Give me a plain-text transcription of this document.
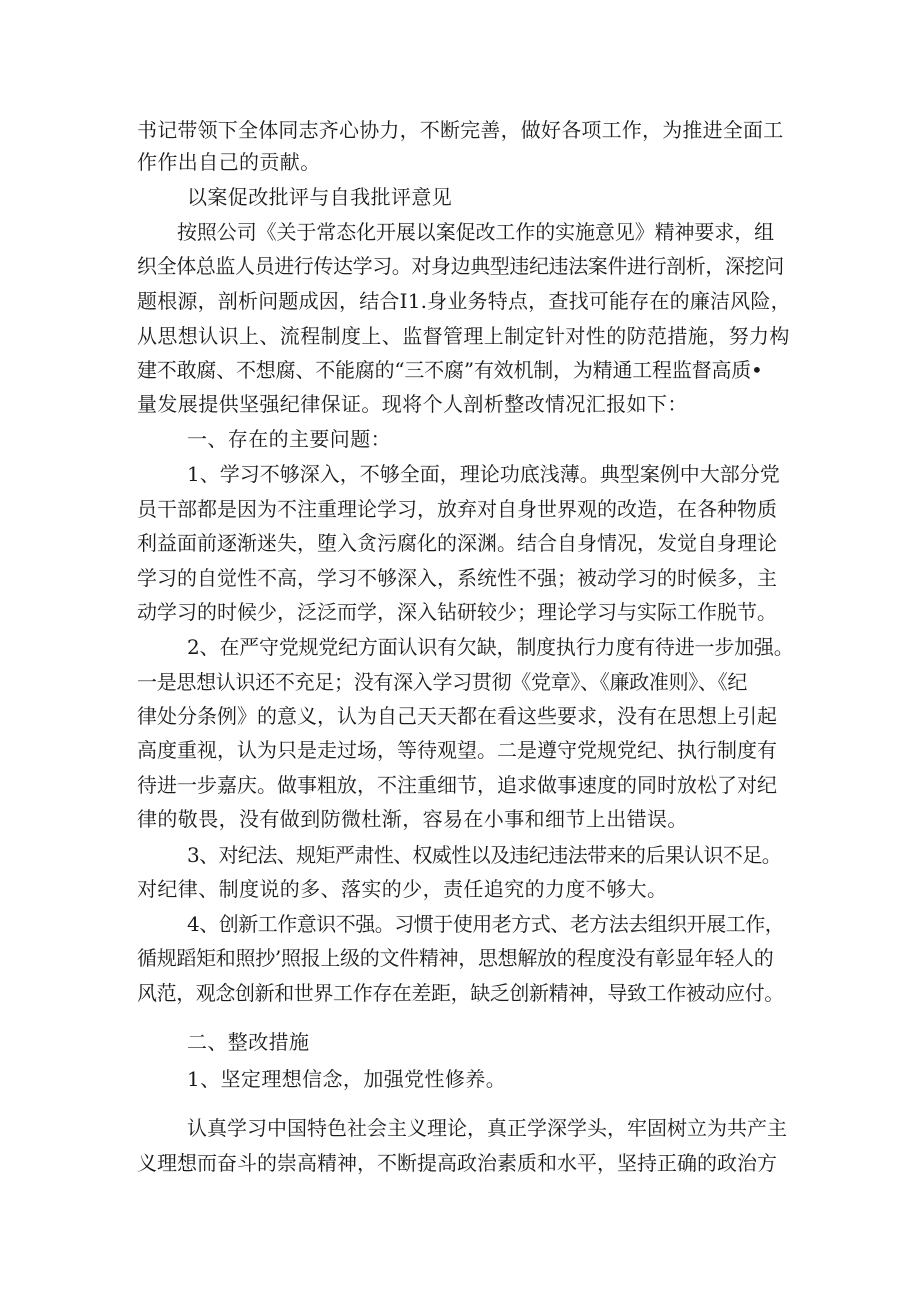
书记带领下全体同志齐心协力，不断完善，做好各项工作，为推进全面工
作作出自己的贡献。
以案促改批评与自我批评意见
按照公司《关于常态化开展以案促改工作的实施意见》精神要求，组
织全体总监人员进行传达学习。对身边典型违纪违法案件进行剖析，深挖问
题根源，剖析问题成因，结合I1.身业务特点，查找可能存在的廉洁风险，
从思想认识上、流程制度上、监督管理上制定针对性的防范措施，努力构
建不敢腐、不想腐、不能腐的“三不腐”有效机制，为精通工程监督高质•
量发展提供坚强纪律保证。现将个人剖析整改情况汇报如下：
一、存在的主要问题：
1、学习不够深入，不够全面，理论功底浅薄。典型案例中大部分党
员干部都是因为不注重理论学习，放弃对自身世界观的改造，在各种物质
利益面前逐渐迷失，堕入贪污腐化的深渊。结合自身情况，发觉自身理论
学习的自觉性不高，学习不够深入，系统性不强；被动学习的时候多，主
动学习的时候少，泛泛而学，深入钻研较少；理论学习与实际工作脱节。
2、在严守党规党纪方面认识有欠缺，制度执行力度有待进一步加强。
一是思想认识还不充足；没有深入学习贯彻《党章》、《廉政准则》、《纪
律处分条例》的意义，认为自己天天都在看这些要求，没有在思想上引起
高度重视，认为只是走过场，等待观望。二是遵守党规党纪、执行制度有
待进一步嘉庆。做事粗放，不注重细节，追求做事速度的同时放松了对纪
律的敬畏，没有做到防微杜渐，容易在小事和细节上出错误。
3、对纪法、规矩严肃性、权威性以及违纪违法带来的后果认识不足。
对纪律、制度说的多、落实的少，责任追究的力度不够大。
4、创新工作意识不强。习惯于使用老方式、老方法去组织开展工作，
循规蹈矩和照抄’照报上级的文件精神，思想解放的程度没有彰显年轻人的
风范，观念创新和世界工作存在差距，缺乏创新精神，导致工作被动应付。
二、整改措施
1、坚定理想信念，加强党性修养。
认真学习中国特色社会主义理论，真正学深学头，牢固树立为共产主
义理想而奋斗的崇高精神，不断提高政治素质和水平，坚持正确的政治方
